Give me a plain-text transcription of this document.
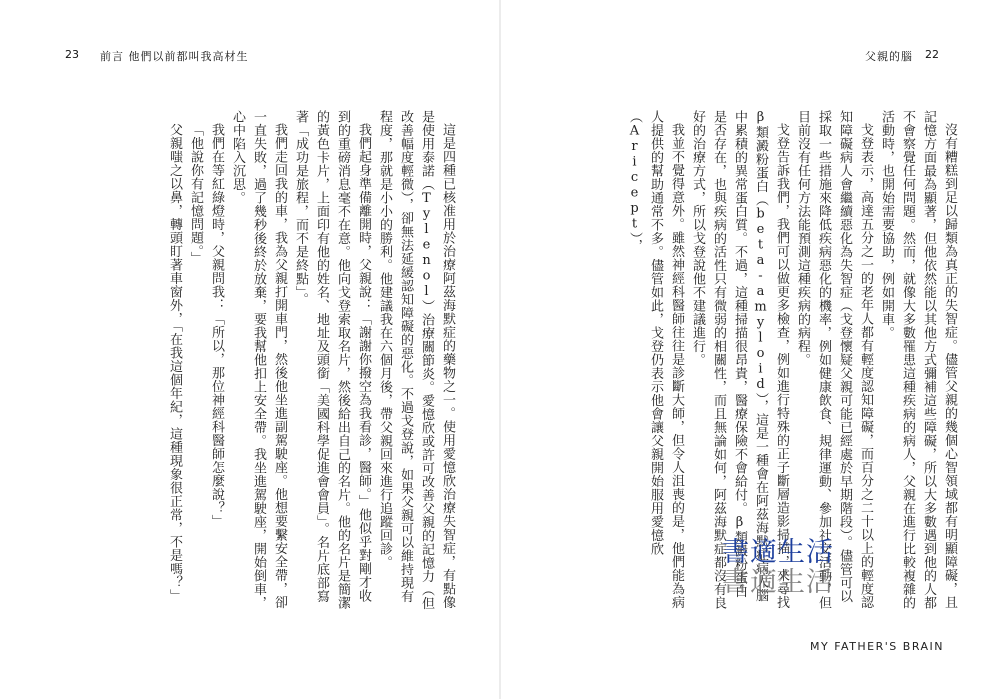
23 前言 他們以前都叫我高材生

這是四種已核准用於治療阿茲海默症的藥物之一。使用愛憶欣治療失智症，有點像是使用泰諾（Tylenol）治療關節炎。愛憶欣或許可改善父親的記憶力（但改善幅度輕微），卻無法延緩認知障礙的惡化。不過戈登說，如果父親可以維持現有程度，那就是小小的勝利。他建議我在六個月後，帶父親回來進行追蹤回診。

我們起身準備離開時，父親說：「謝謝你撥空為我看診，醫師。」他似乎對剛才收到的重磅消息毫不在意。他向戈登索取名片，然後給出自己的名片。他的名片是簡潔的黃色卡片，上面印有他的姓名、地址及頭銜「美國科學促進會會員」。名片底部寫著「成功是旅程，而不是終點」。

我們走回我的車，我為父親打開車門，然後他坐進副駕駛座。他想要繫安全帶，卻一直失敗，過了幾秒後終於放棄，要我幫他扣上安全帶。我坐進駕駛座，開始倒車，心中陷入沉思。

我們在等紅綠燈時，父親問我：「所以，那位神經科醫師怎麼說？」

「他說你有記憶問題。」

父親嗤之以鼻，轉頭盯著車窗外，「在我這個年紀，這種現象很正常，不是嗎？」

父親的腦 22

沒有糟糕到足以歸類為真正的失智症。儘管父親的幾個心智領域都有明顯障礙，且記憶方面最為顯著，但他依然能以其他方式彌補這些障礙，所以大多數遇到他的人都不會察覺任何問題。然而，就像大多數罹患這種疾病的病人，父親在進行比較複雜的活動時，也開始需要協助，例如開車。

戈登表示，高達五分之一的老年人都有輕度認知障礙，而百分之二十以上的輕度認知障礙病人會繼續惡化為失智症（戈登懷疑父親可能已經處於早期階段）。儘管可以採取一些措施來降低疾病惡化的機率，例如健康飲食、規律運動、參加社交活動，但目前沒有任何方法能預測這種疾病的病程。

戈登告訴我們，我們可以做更多檢查，例如進行特殊的正子斷層造影掃描，來尋找β類澱粉蛋白（beta-amyloid），這是一種會在阿茲海默症病人腦中累積的異常蛋白質。不過，這種掃描很昂貴，醫療保險不會給付。β類澱粉蛋白是否存在，也與疾病的活性只有微弱的相關性，而且無論如何，阿茲海默症都沒有良好的治療方式，所以戈登說他不建議進行。

我並不覺得意外。雖然神經科醫師往往是診斷大師，但令人沮喪的是，他們能為病人提供的幫助通常不多。儘管如此，戈登仍表示他會讓父親開始服用愛憶欣（Aricept），

MY FATHER'S BRAIN
書適生活
書適生活
